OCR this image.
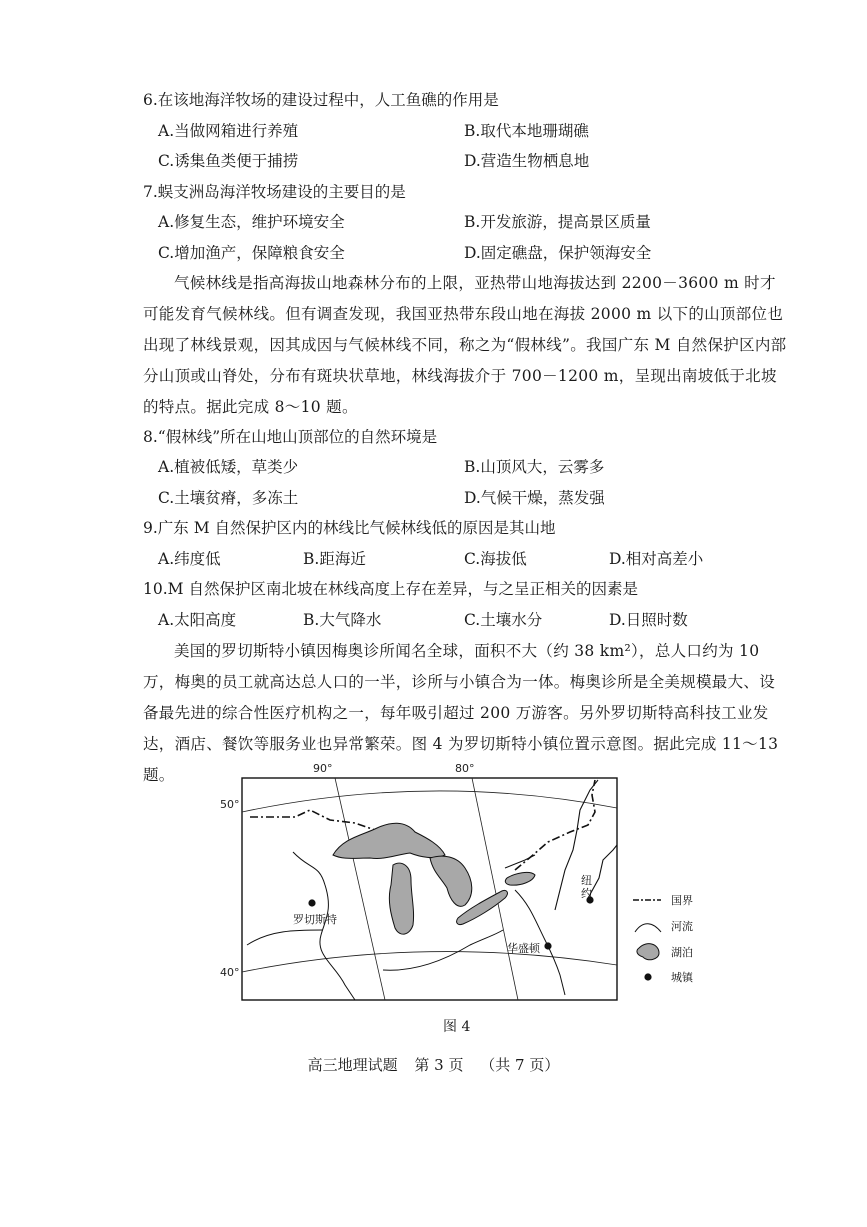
6.在该地海洋牧场的建设过程中，人工鱼礁的作用是
A.当做网箱进行养殖	B.取代本地珊瑚礁
C.诱集鱼类便于捕捞	D.营造生物栖息地
7.蜈支洲岛海洋牧场建设的主要目的是
A.修复生态，维护环境安全	B.开发旅游，提高景区质量
C.增加渔产，保障粮食安全	D.固定礁盘，保护领海安全
气候林线是指高海拔山地森林分布的上限，亚热带山地海拔达到 2200－3600 m 时才可能发育气候林线。但有调查发现，我国亚热带东段山地在海拔 2000 m 以下的山顶部位也出现了林线景观，因其成因与气候林线不同，称之为“假林线”。我国广东 M 自然保护区内部分山顶或山脊处，分布有斑块状草地，林线海拔介于 700－1200 m，呈现出南坡低于北坡的特点。据此完成 8～10 题。
8.“假林线”所在山地山顶部位的自然环境是
A.植被低矮，草类少	B.山顶风大，云雾多
C.土壤贫瘠，多冻土	D.气候干燥，蒸发强
9.广东 M 自然保护区内的林线比气候林线低的原因是其山地
A.纬度低	B.距海近	C.海拔低	D.相对高差小
10.M 自然保护区南北坡在林线高度上存在差异，与之呈正相关的因素是
A.太阳高度	B.大气降水	C.土壤水分	D.日照时数
美国的罗切斯特小镇因梅奥诊所闻名全球，面积不大（约 38 km²），总人口约为 10 万，梅奥的员工就高达总人口的一半，诊所与小镇合为一体。梅奥诊所是全美规模最大、设备最先进的综合性医疗机构之一，每年吸引超过 200 万游客。另外罗切斯特高科技工业发达，酒店、餐饮等服务业也异常繁荣。图 4 为罗切斯特小镇位置示意图。据此完成 11～13 题。	90°	80°
50°
40°
罗切斯特
纽
约
华盛顿
国界
河流
湖泊
城镇
图 4
高三地理试题 第 3 页 （共 7 页）
